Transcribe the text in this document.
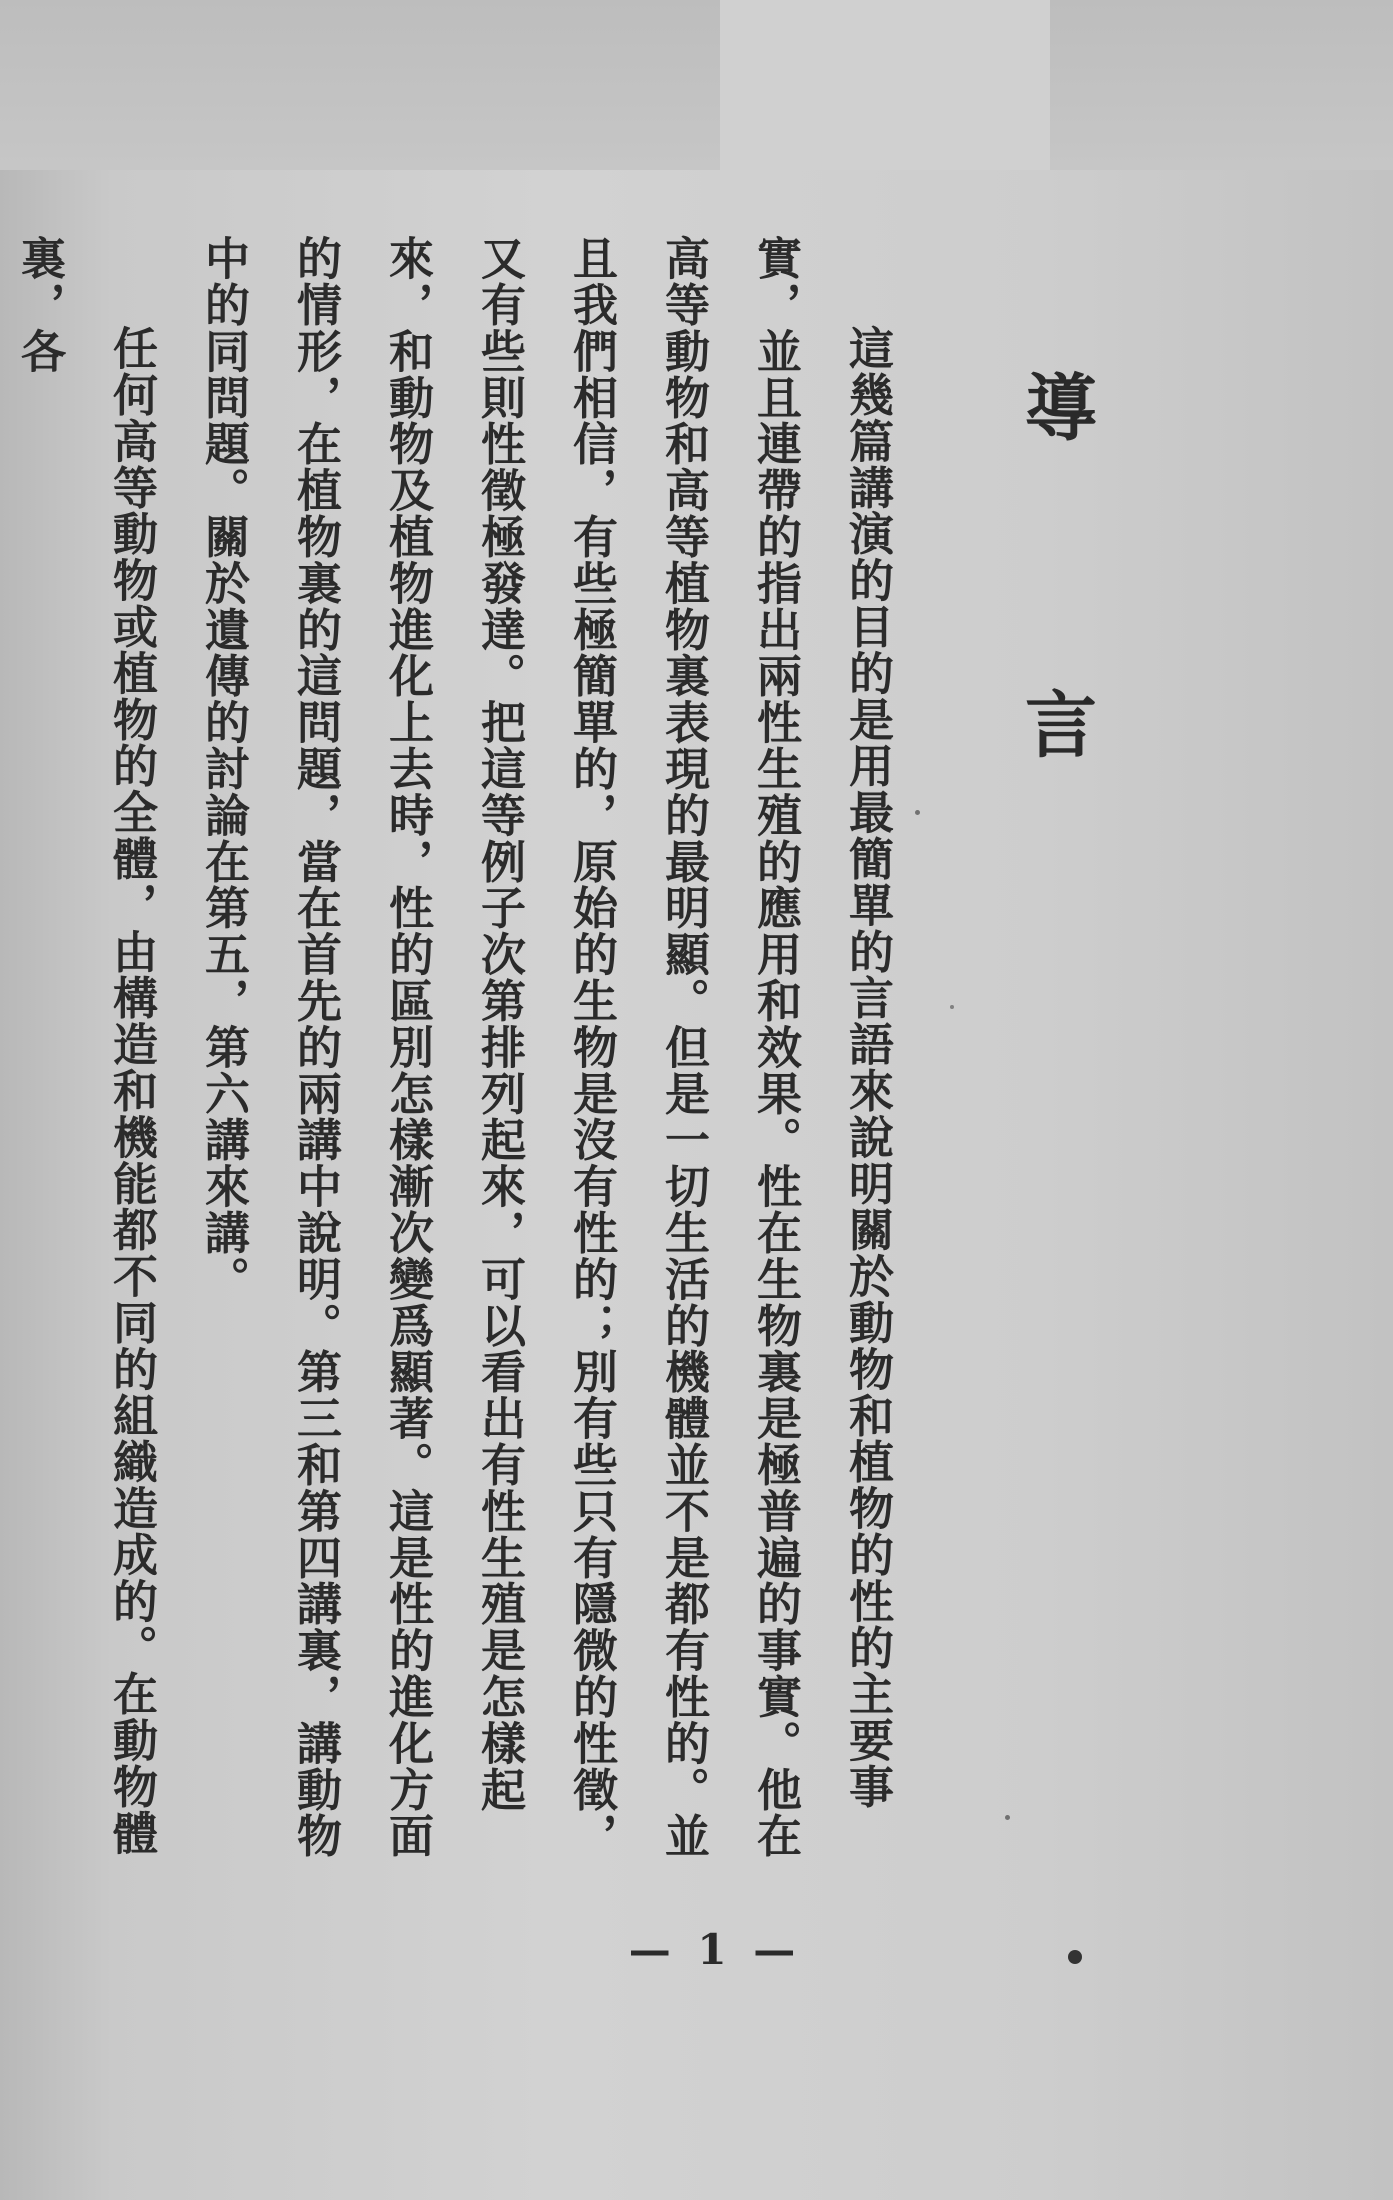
導 言

這幾篇講演的目的是用最簡單的言語來說明關於動物和植物的性的主要事實，並且連帶的指出兩性生殖的應用和效果。性在生物裏是極普遍的事實。他在高等動物和高等植物裏表現的最明顯。但是一切生活的機體並不是都有性的。並且我們相信，有些極簡單的，原始的生物是沒有性的；別有些只有隱微的性徵，又有些則性徵極發達。把這等例子次第排列起來，可以看出有性生殖是怎樣起來，和動物及植物進化上去時，性的區別怎樣漸次變爲顯著。這是性的進化方面的情形，在植物裏的這問題，當在首先的兩講中說明。第三和第四講裏，講動物中的同問題。關於遺傳的討論在第五，第六講來講。

任何高等動物或植物的全體，由構造和機能都不同的組織造成的。在動物體裏，各

— 1 —
